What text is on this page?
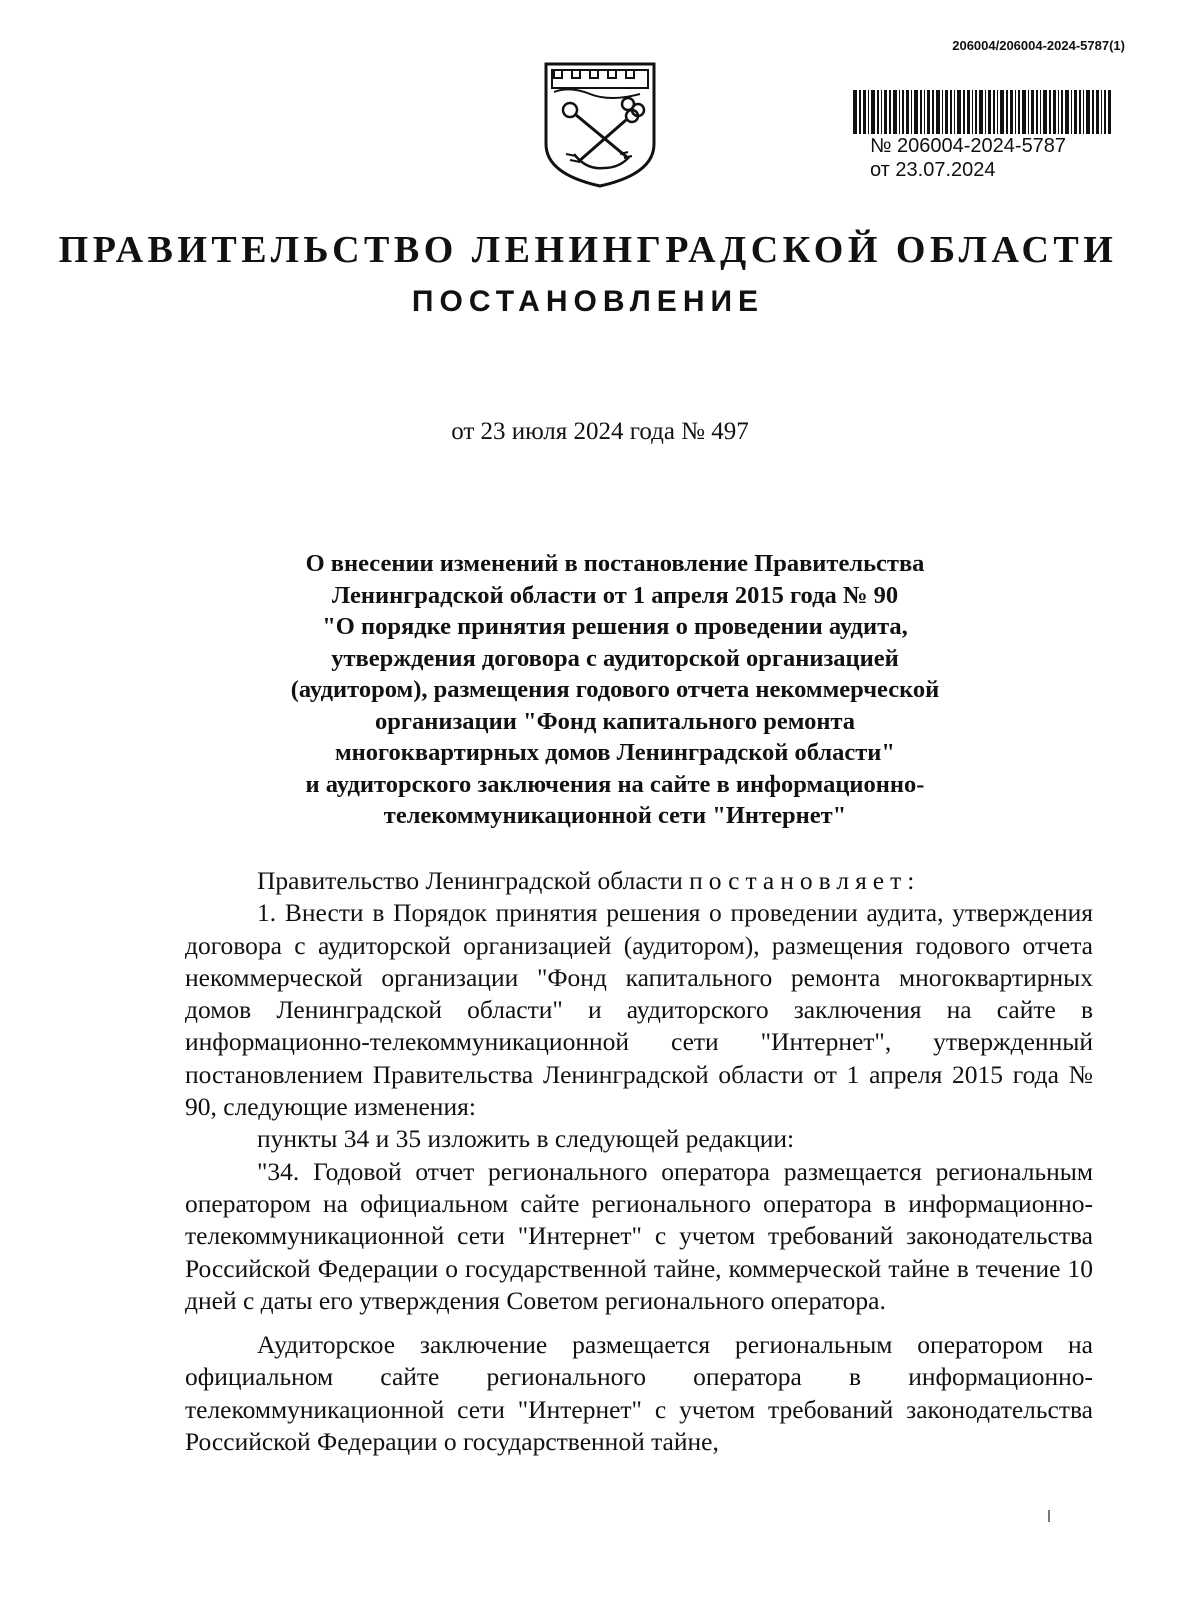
206004/206004-2024-5787(1)
№ 206004-2024-5787
от 23.07.2024
ПРАВИТЕЛЬСТВО ЛЕНИНГРАДСКОЙ ОБЛАСТИ
ПОСТАНОВЛЕНИЕ
от 23 июля 2024 года № 497
О внесении изменений в постановление Правительства
Ленинградской области от 1 апреля 2015 года № 90
"О порядке принятия решения о проведении аудита,
утверждения договора с аудиторской организацией
(аудитором), размещения годового отчета некоммерческой
организации "Фонд капитального ремонта
многоквартирных домов Ленинградской области"
и аудиторского заключения на сайте в информационно-
телекоммуникационной сети "Интернет"

Правительство Ленинградской области постановляет:

1. Внести в Порядок принятия решения о проведении аудита, утверждения договора с аудиторской организацией (аудитором), размещения годового отчета некоммерческой организации "Фонд капитального ремонта многоквартирных домов Ленинградской области" и аудиторского заключения на сайте в информационно-телекоммуникационной сети "Интернет", утвержденный постановлением Правительства Ленинградской области от 1 апреля 2015 года № 90, следующие изменения:

пункты 34 и 35 изложить в следующей редакции:

"34. Годовой отчет регионального оператора размещается региональным оператором на официальном сайте регионального оператора в информационно-телекоммуникационной сети "Интернет" с учетом требований законодательства Российской Федерации о государственной тайне, коммерческой тайне в течение 10 дней с даты его утверждения Советом регионального оператора.

Аудиторское заключение размещается региональным оператором на официальном сайте регионального оператора в информационно-телекоммуникационной сети "Интернет" с учетом требований законодательства Российской Федерации о государственной тайне,
